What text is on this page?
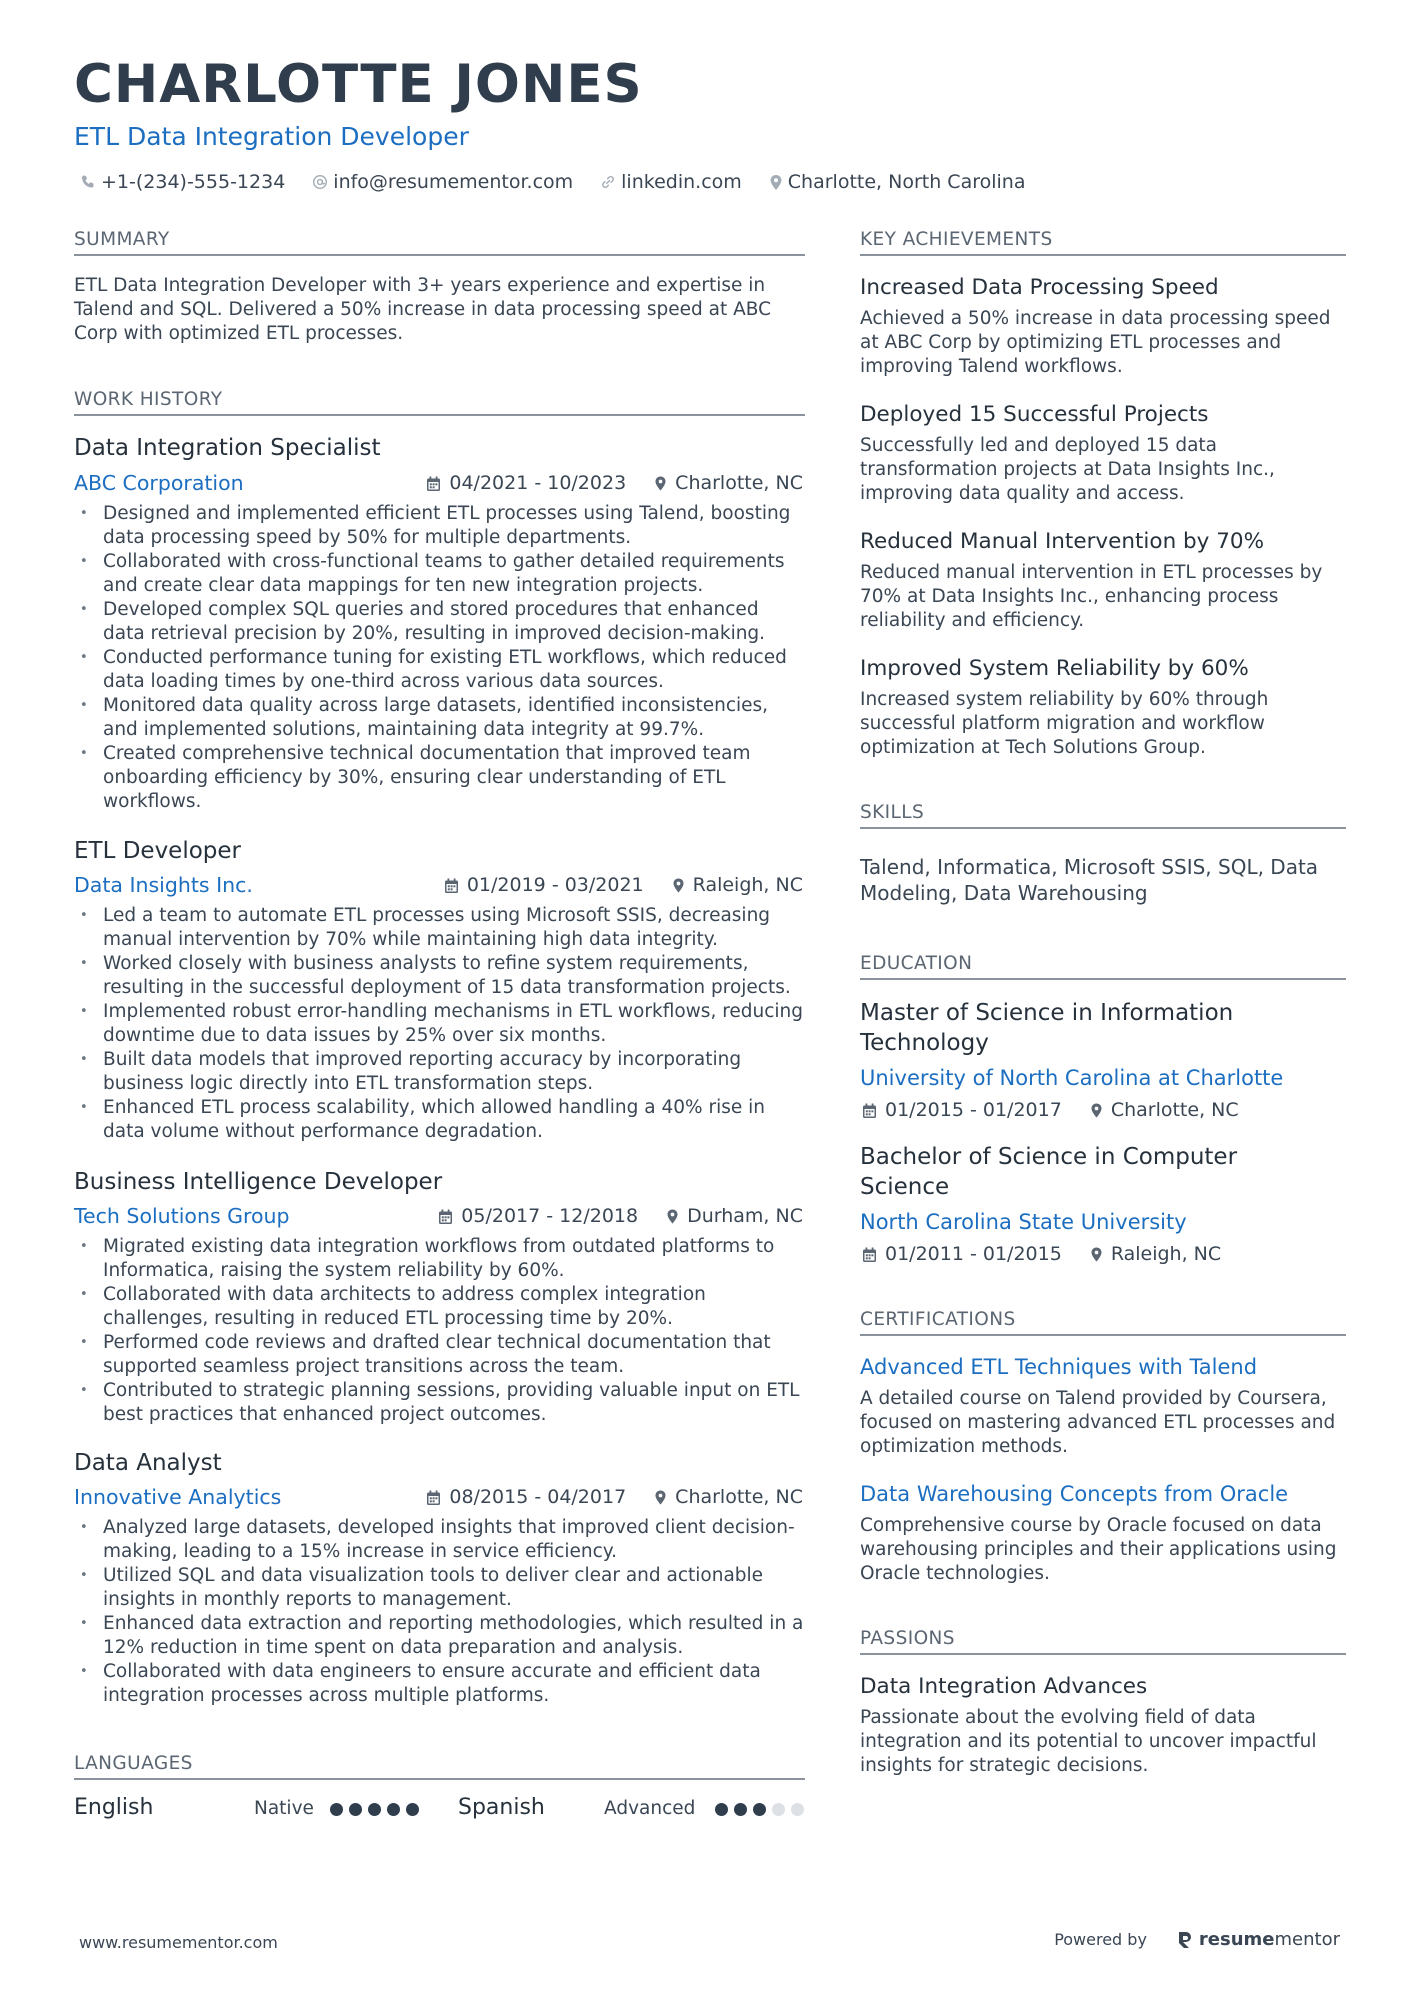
CHARLOTTE JONES
ETL Data Integration Developer
+1-(234)-555-1234	info@resumementor.com	linkedin.com Charlotte, North Carolina
SUMMARY
ETL Data Integration Developer with 3+ years experience and expertise in Talend and SQL. Delivered a 50% increase in data processing speed at ABC Corp with optimized ETL processes.
WORK HISTORY
Data Integration Specialist
ABC Corporation	04/2021 - 10/2023	Charlotte, NC
• Designed and implemented efficient ETL processes using Talend, boosting data processing speed by 50% for multiple departments.
• Collaborated with cross-functional teams to gather detailed requirements and create clear data mappings for ten new integration projects.
• Developed complex SQL queries and stored procedures that enhanced data retrieval precision by 20%, resulting in improved decision-making.
• Conducted performance tuning for existing ETL workflows, which reduced data loading times by one-third across various data sources.
• Monitored data quality across large datasets, identified inconsistencies, and implemented solutions, maintaining data integrity at 99.7%.
• Created comprehensive technical documentation that improved team onboarding efficiency by 30%, ensuring clear understanding of ETL workflows.
ETL Developer
Data Insights Inc.	01/2019 - 03/2021	Raleigh, NC
• Led a team to automate ETL processes using Microsoft SSIS, decreasing manual intervention by 70% while maintaining high data integrity.
• Worked closely with business analysts to refine system requirements, resulting in the successful deployment of 15 data transformation projects.
• Implemented robust error-handling mechanisms in ETL workflows, reducing downtime due to data issues by 25% over six months.
• Built data models that improved reporting accuracy by incorporating business logic directly into ETL transformation steps.
• Enhanced ETL process scalability, which allowed handling a 40% rise in data volume without performance degradation.
Business Intelligence Developer
Tech Solutions Group	05/2017 - 12/2018	Durham, NC
• Migrated existing data integration workflows from outdated platforms to Informatica, raising the system reliability by 60%.
• Collaborated with data architects to address complex integration challenges, resulting in reduced ETL processing time by 20%.
• Performed code reviews and drafted clear technical documentation that supported seamless project transitions across the team.
• Contributed to strategic planning sessions, providing valuable input on ETL best practices that enhanced project outcomes.
Data Analyst
Innovative Analytics	08/2015 - 04/2017	Charlotte, NC
• Analyzed large datasets, developed insights that improved client decision-making, leading to a 15% increase in service efficiency.
• Utilized SQL and data visualization tools to deliver clear and actionable insights in monthly reports to management.
• Enhanced data extraction and reporting methodologies, which resulted in a 12% reduction in time spent on data preparation and analysis.
• Collaborated with data engineers to ensure accurate and efficient data integration processes across multiple platforms.
LANGUAGES
English	Native	Spanish	Advanced
KEY ACHIEVEMENTS
Increased Data Processing Speed
Achieved a 50% increase in data processing speed at ABC Corp by optimizing ETL processes and improving Talend workflows.
Deployed 15 Successful Projects
Successfully led and deployed 15 data transformation projects at Data Insights Inc., improving data quality and access.
Reduced Manual Intervention by 70%
Reduced manual intervention in ETL processes by 70% at Data Insights Inc., enhancing process reliability and efficiency.
Improved System Reliability by 60%
Increased system reliability by 60% through successful platform migration and workflow optimization at Tech Solutions Group.
SKILLS
Talend, Informatica, Microsoft SSIS, SQL, Data Modeling, Data Warehousing
EDUCATION
Master of Science in Information Technology
University of North Carolina at Charlotte
01/2015 - 01/2017	Charlotte, NC
Bachelor of Science in Computer Science
North Carolina State University
01/2011 - 01/2015	Raleigh, NC
CERTIFICATIONS
Advanced ETL Techniques with Talend
A detailed course on Talend provided by Coursera, focused on mastering advanced ETL processes and optimization methods.
Data Warehousing Concepts from Oracle
Comprehensive course by Oracle focused on data warehousing principles and their applications using Oracle technologies.
PASSIONS
Data Integration Advances
Passionate about the evolving field of data integration and its potential to uncover impactful insights for strategic decisions.
www.resumementor.com	Powered by	resume mentor
